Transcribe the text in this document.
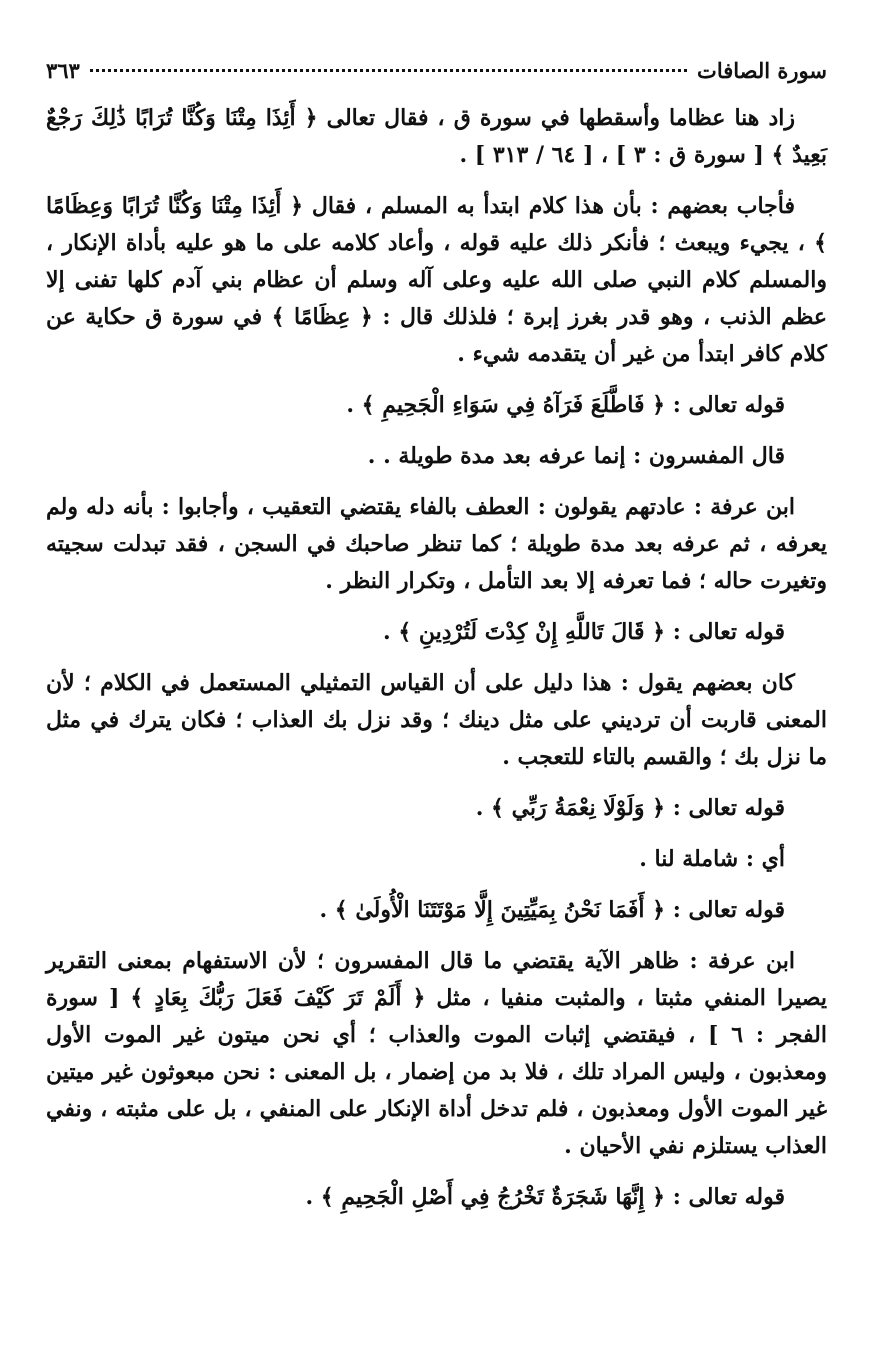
سورة الصافات
٣٦٣

زاد هنا عظاما وأسقطها في سورة ق ، فقال تعالى ﴿ أَئِذَا مِتْنَا وَكُنَّا تُرَابًا ذَٰلِكَ رَجْعٌ بَعِيدٌ ﴾ [ سورة ق : ٣ ] ، [ ٦٤ / ٣١٣ ] .

فأجاب بعضهم : بأن هذا كلام ابتدأ به المسلم ، فقال ﴿ أَئِذَا مِتْنَا وَكُنَّا تُرَابًا وَعِظَامًا ﴾ ، يجيء ويبعث ؛ فأنكر ذلك عليه قوله ، وأعاد كلامه على ما هو عليه بأداة الإنكار ، والمسلم كلام النبي صلى الله عليه وعلى آله وسلم أن عظام بني آدم كلها تفنى إلا عظم الذنب ، وهو قدر بغرز إبرة ؛ فلذلك قال : ﴿ عِظَامًا ﴾ في سورة ق حكاية عن كلام كافر ابتدأ من غير أن يتقدمه شيء .

قوله تعالى : ﴿ فَاطَّلَعَ فَرَآهُ فِي سَوَاءِ الْجَحِيمِ ﴾ .

قال المفسرون : إنما عرفه بعد مدة طويلة . .

ابن عرفة : عادتهم يقولون : العطف بالفاء يقتضي التعقيب ، وأجابوا : بأنه دله ولم يعرفه ، ثم عرفه بعد مدة طويلة ؛ كما تنظر صاحبك في السجن ، فقد تبدلت سجيته وتغيرت حاله ؛ فما تعرفه إلا بعد التأمل ، وتكرار النظر .

قوله تعالى : ﴿ قَالَ تَاللَّهِ إِنْ كِدْتَ لَتُرْدِينِ ﴾ .

كان بعضهم يقول : هذا دليل على أن القياس التمثيلي المستعمل في الكلام ؛ لأن المعنى قاربت أن ترديني على مثل دينك ؛ وقد نزل بك العذاب ؛ فكان يترك في مثل ما نزل بك ؛ والقسم بالتاء للتعجب .

قوله تعالى : ﴿ وَلَوْلَا نِعْمَةُ رَبِّي ﴾ .

أي : شاملة لنا .

قوله تعالى : ﴿ أَفَمَا نَحْنُ بِمَيِّتِينَ إِلَّا مَوْتَتَنَا الْأُولَىٰ ﴾ .

ابن عرفة : ظاهر الآية يقتضي ما قال المفسرون ؛ لأن الاستفهام بمعنى التقرير يصيرا المنفي مثبتا ، والمثبت منفيا ، مثل ﴿ أَلَمْ تَرَ كَيْفَ فَعَلَ رَبُّكَ بِعَادٍ ﴾ [ سورة الفجر : ٦ ] ، فيقتضي إثبات الموت والعذاب ؛ أي نحن ميتون غير الموت الأول ومعذبون ، وليس المراد تلك ، فلا بد من إضمار ، بل المعنى : نحن مبعوثون غير ميتين غير الموت الأول ومعذبون ، فلم تدخل أداة الإنكار على المنفي ، بل على مثبته ، ونفي العذاب يستلزم نفي الأحيان .

قوله تعالى : ﴿ إِنَّهَا شَجَرَةٌ تَخْرُجُ فِي أَصْلِ الْجَحِيمِ ﴾ .
